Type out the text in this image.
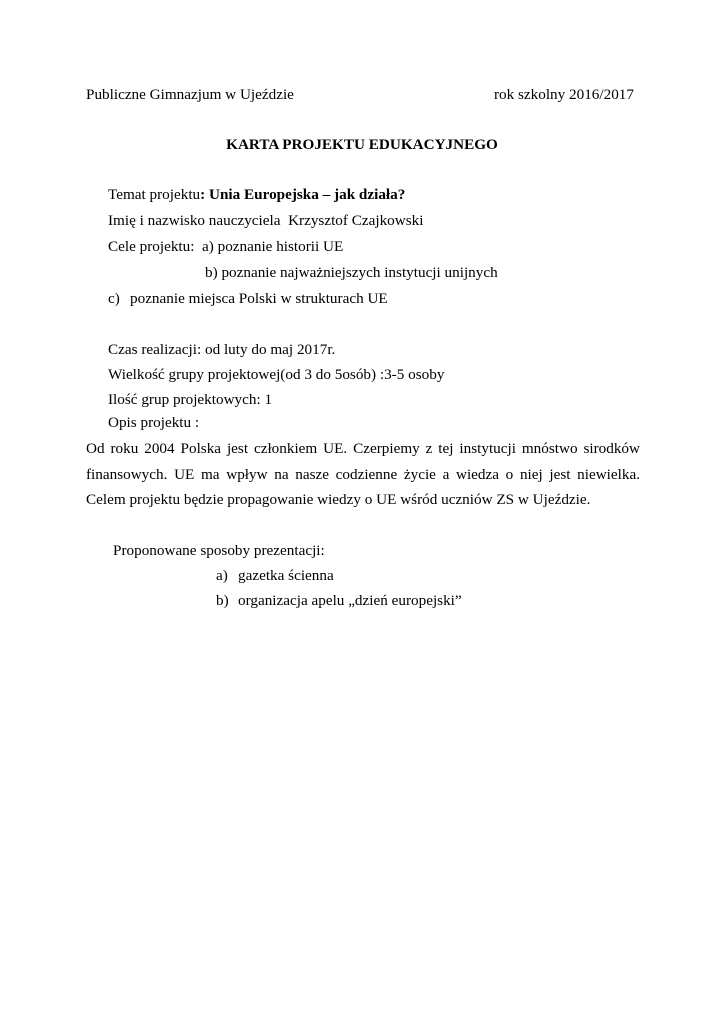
Publiczne Gimnazjum w Ujeździe	rok szkolny 2016/2017
KARTA PROJEKTU EDUKACYJNEGO
Temat projektu: Unia Europejska – jak działa?
Imię i nazwisko nauczyciela Krzysztof Czajkowski
Cele projektu: a) poznanie historii UE
b) poznanie najważniejszych instytucji unijnych
c) poznanie miejsca Polski w strukturach UE
Czas realizacji: od luty do maj 2017r.
Wielkość grupy projektowej(od 3 do 5osób) :3-5 osoby
Ilość grup projektowych: 1
Opis projektu :
Od roku 2004 Polska jest członkiem UE. Czerpiemy z tej instytucji mnóstwo sirodków finansowych. UE ma wpływ na nasze codzienne życie a wiedza o niej jest niewielka. Celem projektu będzie propagowanie wiedzy o UE wśród uczniów ZS w Ujeździe.
Proponowane sposoby prezentacji:
a) gazetka ścienna
b) organizacja apelu „dzień europejski”
